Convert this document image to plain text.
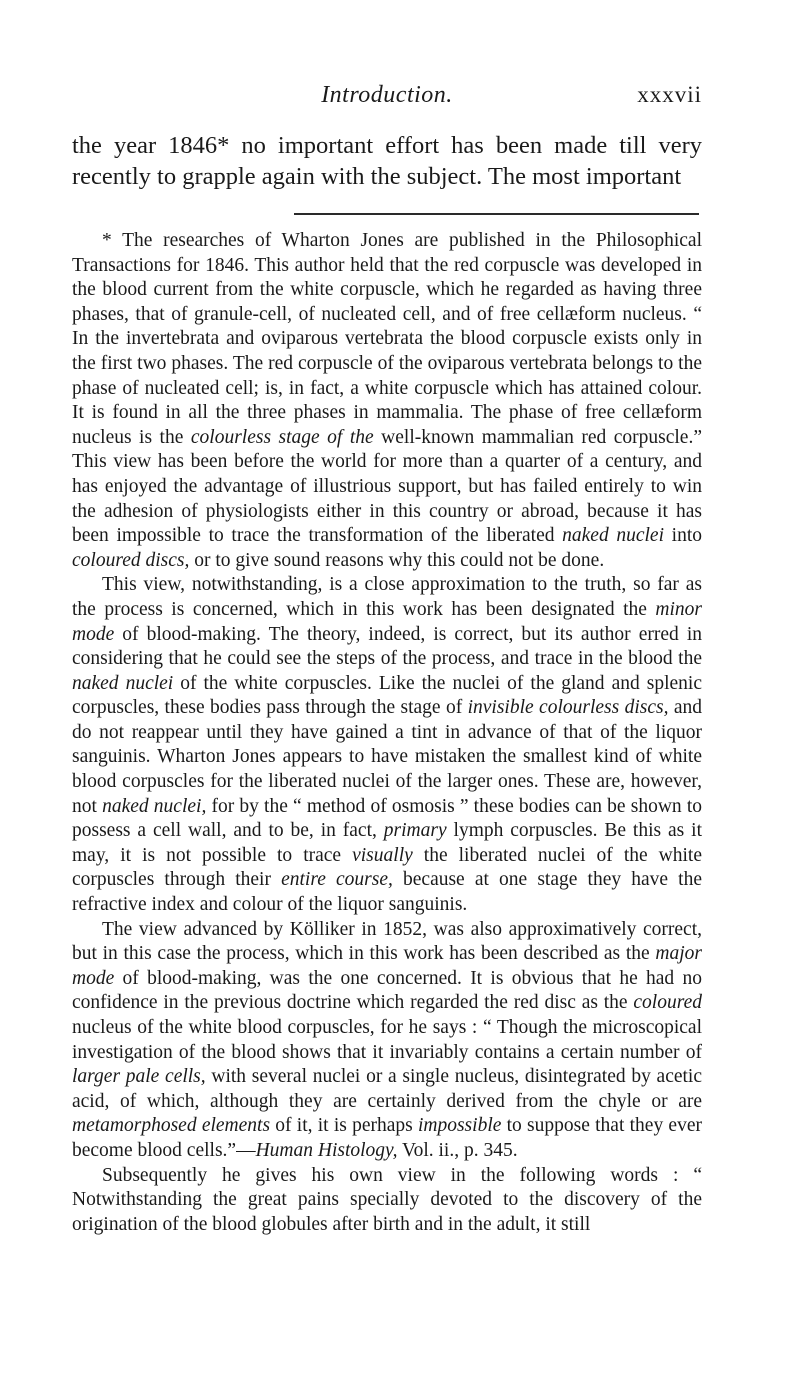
Introduction.	xxxvii

the year 1846* no important effort has been made till very recently to grapple again with the subject. The most important

* The researches of Wharton Jones are published in the Philosophical Transactions for 1846. This author held that the red corpuscle was developed in the blood current from the white corpuscle, which he regarded as having three phases, that of granule-cell, of nucleated cell, and of free cellæform nucleus. “ In the invertebrata and oviparous vertebrata the blood corpuscle exists only in the first two phases. The red corpuscle of the oviparous vertebrata belongs to the phase of nucleated cell; is, in fact, a white corpuscle which has attained colour. It is found in all the three phases in mammalia. The phase of free cellæform nucleus is the colourless stage of the well-known mammalian red corpuscle.” This view has been before the world for more than a quarter of a century, and has enjoyed the advantage of illustrious support, but has failed entirely to win the adhesion of physiologists either in this country or abroad, because it has been impossible to trace the transformation of the liberated naked nuclei into coloured discs, or to give sound reasons why this could not be done.

This view, notwithstanding, is a close approximation to the truth, so far as the process is concerned, which in this work has been designated the minor mode of blood-making. The theory, indeed, is correct, but its author erred in considering that he could see the steps of the process, and trace in the blood the naked nuclei of the white corpuscles. Like the nuclei of the gland and splenic corpuscles, these bodies pass through the stage of invisible colourless discs, and do not reappear until they have gained a tint in advance of that of the liquor sanguinis. Wharton Jones appears to have mistaken the smallest kind of white blood corpuscles for the liberated nuclei of the larger ones. These are, however, not naked nuclei, for by the “ method of osmosis ” these bodies can be shown to possess a cell wall, and to be, in fact, primary lymph corpuscles. Be this as it may, it is not possible to trace visually the liberated nuclei of the white corpuscles through their entire course, because at one stage they have the refractive index and colour of the liquor sanguinis.

The view advanced by Kölliker in 1852, was also approximatively correct, but in this case the process, which in this work has been described as the major mode of blood-making, was the one concerned. It is obvious that he had no confidence in the previous doctrine which regarded the red disc as the coloured nucleus of the white blood corpuscles, for he says : “ Though the microscopical investigation of the blood shows that it invariably contains a certain number of larger pale cells, with several nuclei or a single nucleus, disintegrated by acetic acid, of which, although they are certainly derived from the chyle or are metamorphosed elements of it, it is perhaps impossible to suppose that they ever become blood cells.”—Human Histology, Vol. ii., p. 345.

Subsequently he gives his own view in the following words : “ Notwithstanding the great pains specially devoted to the discovery of the origination of the blood globules after birth and in the adult, it still
